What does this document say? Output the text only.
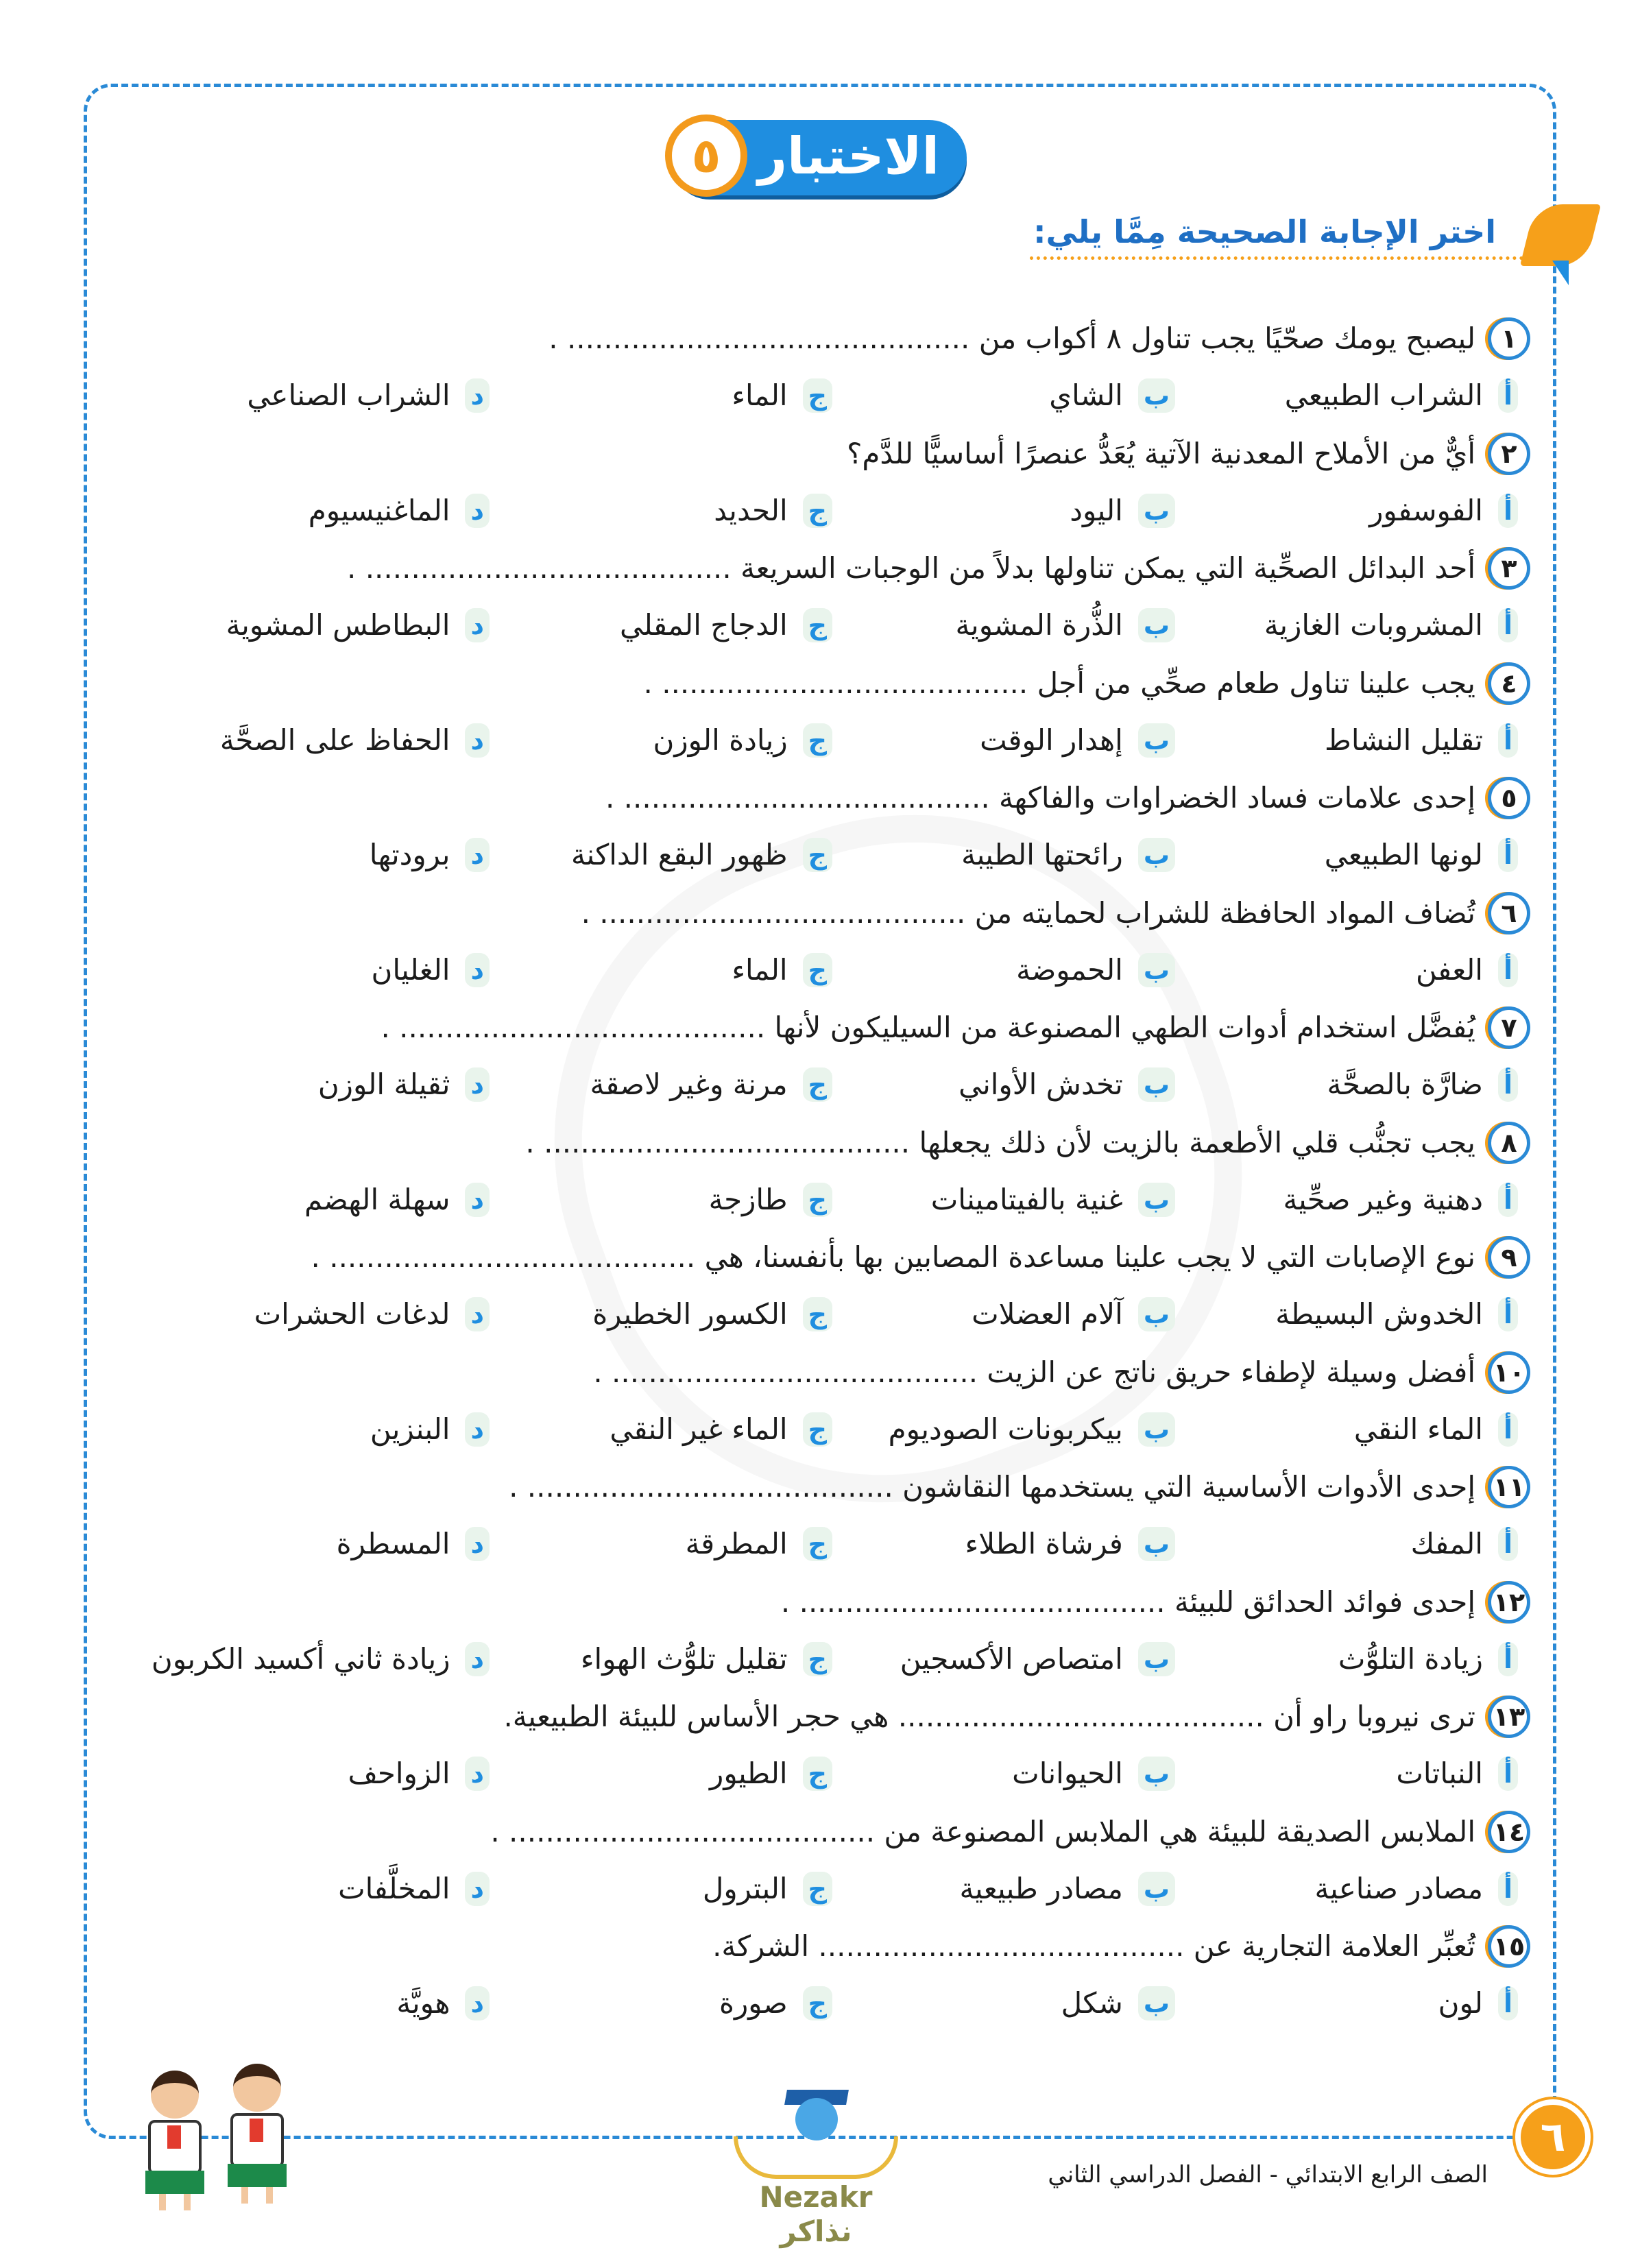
الاختبار
٥
اختر الإجابة الصحيحة مِمَّا يلي:
١
ليصبح يومك صحّيًا يجب تناول ٨ أكواب من ............................................ .
أ
الشراب الطبيعي
ب
الشاي
ج
الماء
د
الشراب الصناعي
٢
أيٌّ من الأملاح المعدنية الآتية يُعَدُّ عنصرًا أساسيًّا للدَّم؟
أ
الفوسفور
ب
اليود
ج
الحديد
د
الماغنيسيوم
٣
أحد البدائل الصحِّية التي يمكن تناولها بدلاً من الوجبات السريعة ........................................ .
أ
المشروبات الغازية
ب
الذُّرة المشوية
ج
الدجاج المقلي
د
البطاطس المشوية
٤
يجب علينا تناول طعام صحِّي من أجل ........................................ .
أ
تقليل النشاط
ب
إهدار الوقت
ج
زيادة الوزن
د
الحفاظ على الصحَّة
٥
إحدى علامات فساد الخضراوات والفاكهة ........................................ .
أ
لونها الطبيعي
ب
رائحتها الطيبة
ج
ظهور البقع الداكنة
د
برودتها
٦
تُضاف المواد الحافظة للشراب لحمايته من ........................................ .
أ
العفن
ب
الحموضة
ج
الماء
د
الغليان
٧
يُفضَّل استخدام أدوات الطهي المصنوعة من السيليكون لأنها ........................................ .
أ
ضارَّة بالصحَّة
ب
تخدش الأواني
ج
مرنة وغير لاصقة
د
ثقيلة الوزن
٨
يجب تجنُّب قلي الأطعمة بالزيت لأن ذلك يجعلها ........................................ .
أ
دهنية وغير صحِّية
ب
غنية بالفيتامينات
ج
طازجة
د
سهلة الهضم
٩
نوع الإصابات التي لا يجب علينا مساعدة المصابين بها بأنفسنا، هي ........................................ .
أ
الخدوش البسيطة
ب
آلام العضلات
ج
الكسور الخطيرة
د
لدغات الحشرات
١٠
أفضل وسيلة لإطفاء حريق ناتج عن الزيت ........................................ .
أ
الماء النقي
ب
بيكربونات الصوديوم
ج
الماء غير النقي
د
البنزين
١١
إحدى الأدوات الأساسية التي يستخدمها النقاشون ........................................ .
أ
المفك
ب
فرشاة الطلاء
ج
المطرقة
د
المسطرة
١٢
إحدى فوائد الحدائق للبيئة ........................................ .
أ
زيادة التلوُّث
ب
امتصاص الأكسجين
ج
تقليل تلوُّث الهواء
د
زيادة ثاني أكسيد الكربون
١٣
ترى نيروبا راو أن ........................................ هي حجر الأساس للبيئة الطبيعية.
أ
النباتات
ب
الحيوانات
ج
الطيور
د
الزواحف
١٤
الملابس الصديقة للبيئة هي الملابس المصنوعة من ........................................ .
أ
مصادر صناعية
ب
مصادر طبيعية
ج
البترول
د
المخلَّفات
١٥
تُعبِّر العلامة التجارية عن ........................................ الشركة.
أ
لون
ب
شكل
ج
صورة
د
هويَّة
٦
الصف الرابع الابتدائي - الفصل الدراسي الثاني
Nezakr نذاكر
